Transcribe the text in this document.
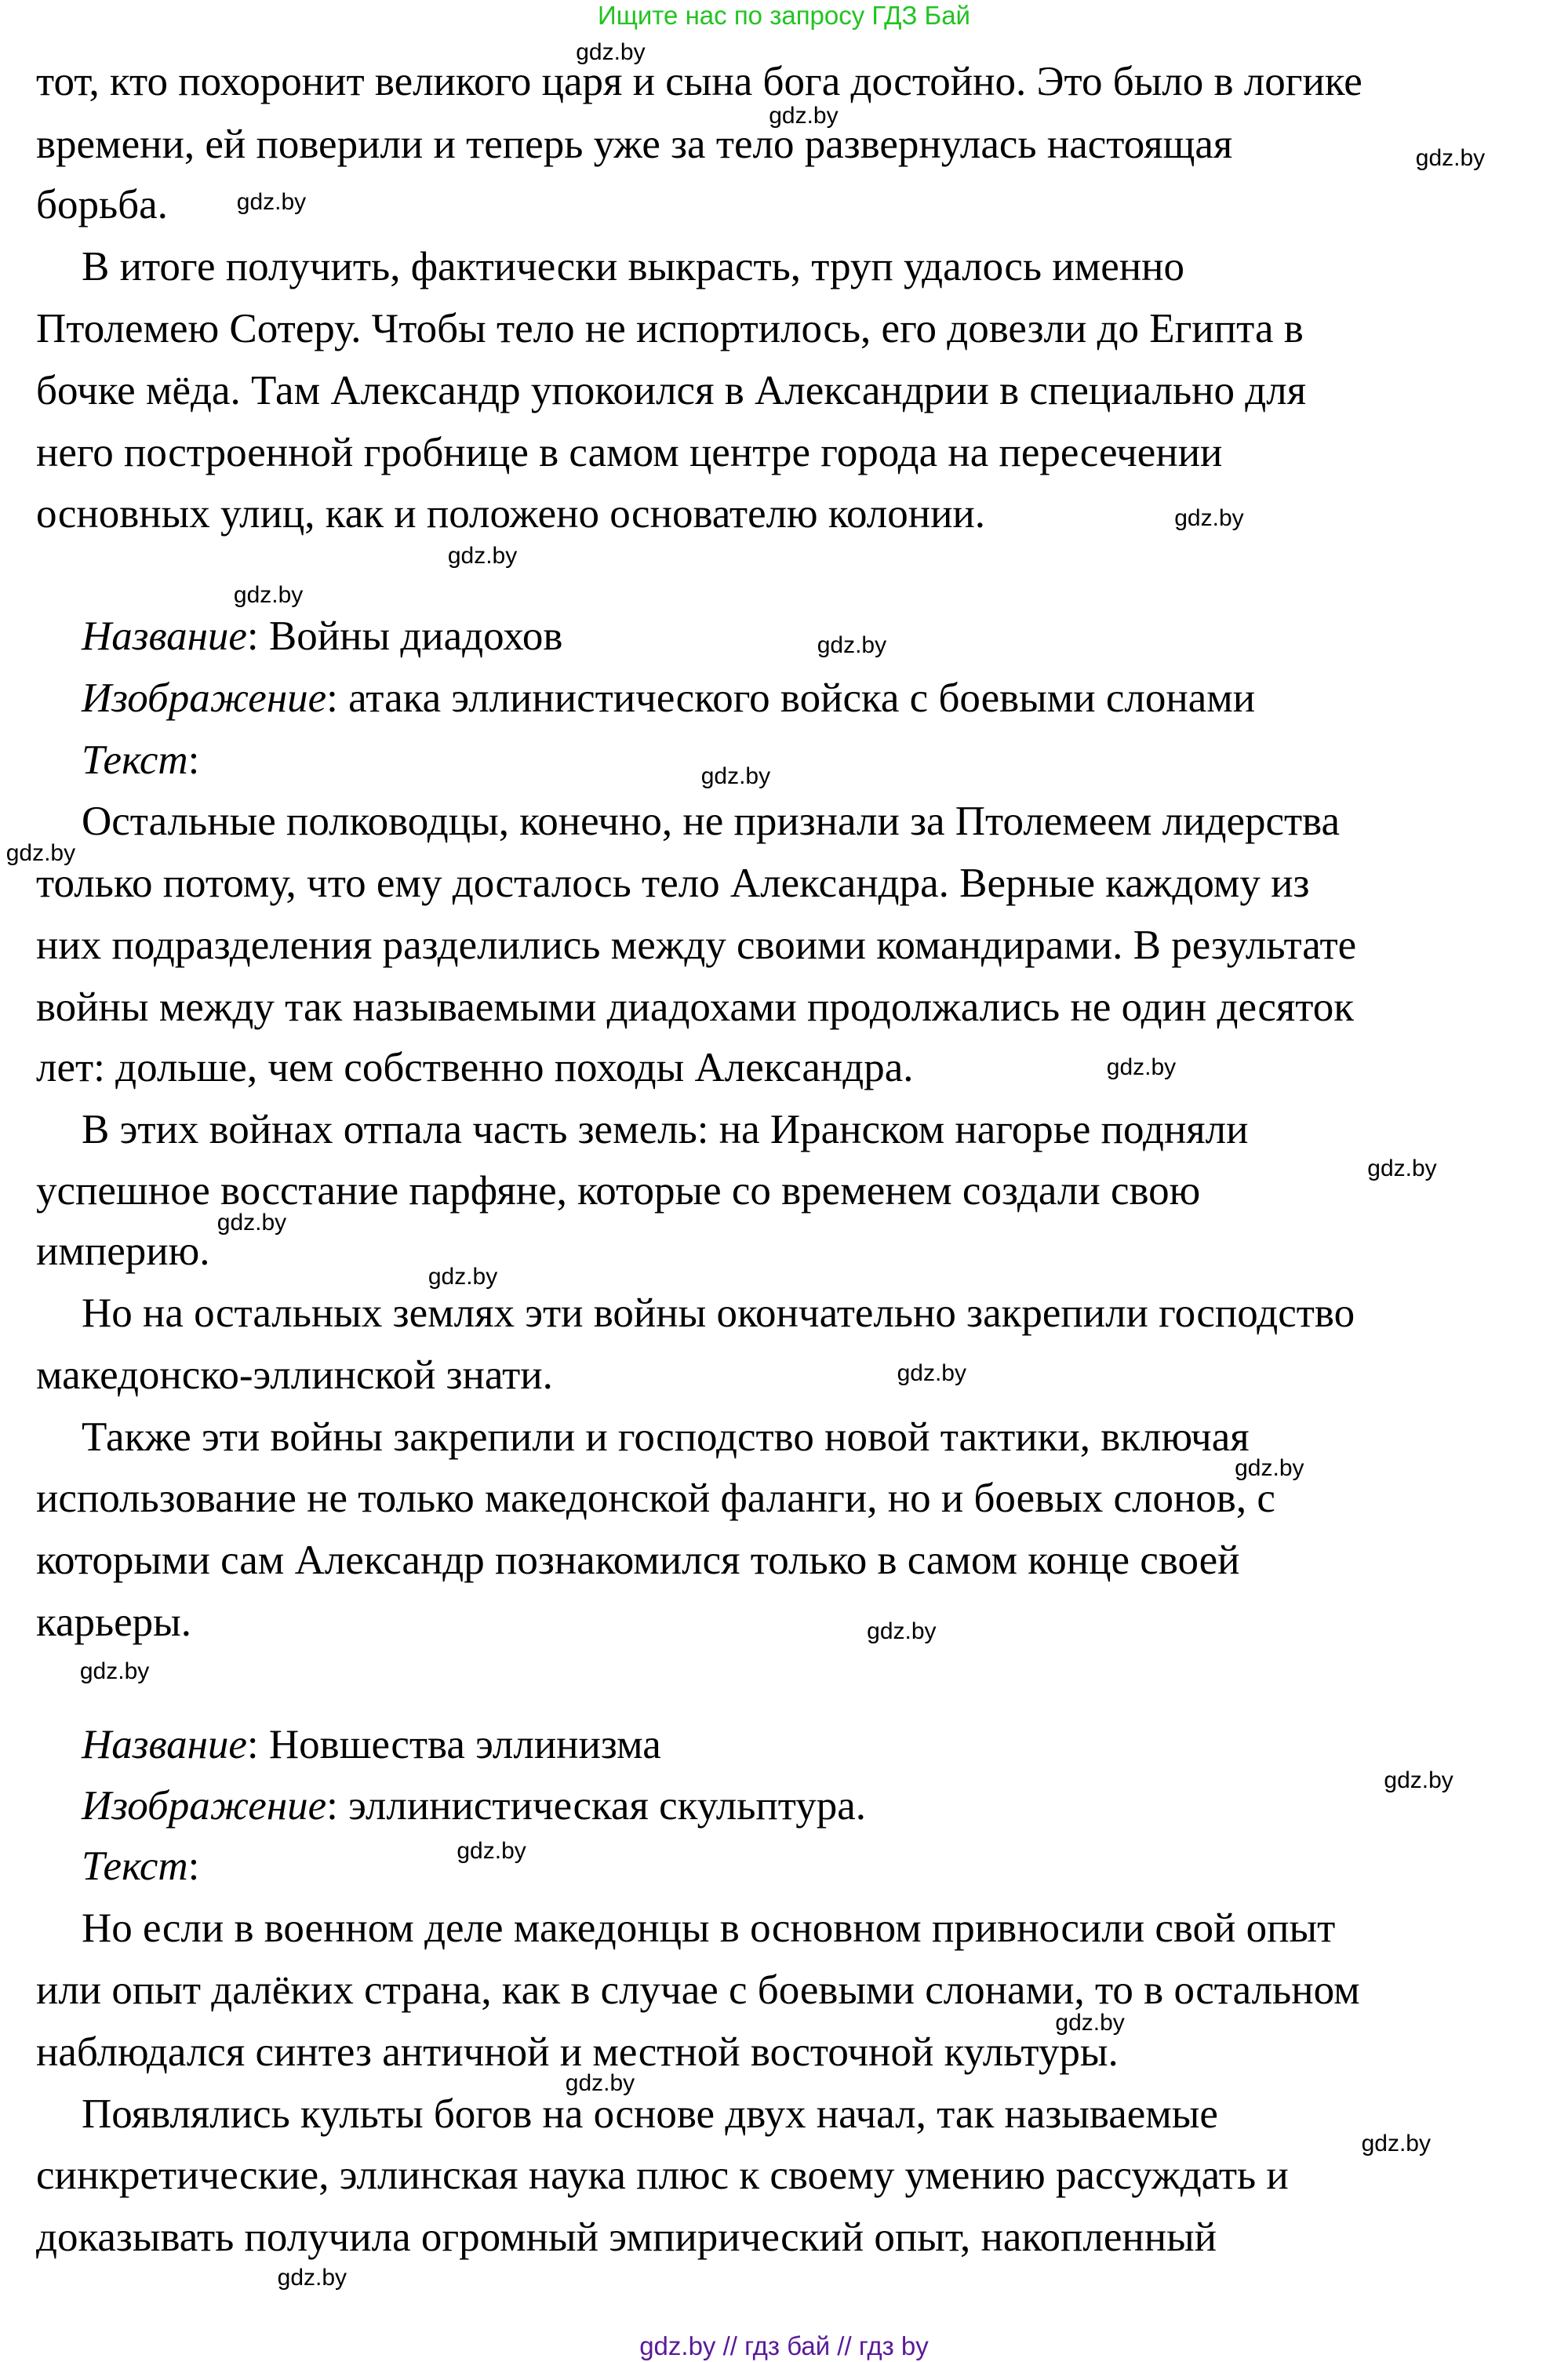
Ищите нас по запросу ГДЗ Бай
тот, кто похоронит великого царя и сына бога достойно. Это было в логике
времени, ей поверили и теперь уже за тело развернулась настоящая
борьба.
В итоге получить, фактически выкрасть, труп удалось именно
Птолемею Сотеру. Чтобы тело не испортилось, его довезли до Египта в
бочке мёда. Там Александр упокоился в Александрии в специально для
него построенной гробнице в самом центре города на пересечении
основных улиц, как и положено основателю колонии.
Название: Войны диадохов
Изображение: атака эллинистического войска с боевыми слонами
Текст:
Остальные полководцы, конечно, не признали за Птолемеем лидерства
только потому, что ему досталось тело Александра. Верные каждому из
них подразделения разделились между своими командирами. В результате
войны между так называемыми диадохами продолжались не один десяток
лет: дольше, чем собственно походы Александра.
В этих войнах отпала часть земель: на Иранском нагорье подняли
успешное восстание парфяне, которые со временем создали свою
империю.
Но на остальных землях эти войны окончательно закрепили господство
македонско-эллинской знати.
Также эти войны закрепили и господство новой тактики, включая
использование не только македонской фаланги, но и боевых слонов, с
которыми сам Александр познакомился только в самом конце своей
карьеры.
Название: Новшества эллинизма
Изображение: эллинистическая скульптура.
Текст:
Но если в военном деле македонцы в основном привносили свой опыт
или опыт далёких страна, как в случае с боевыми слонами, то в остальном
наблюдался синтез античной и местной восточной культуры.
Появлялись культы богов на основе двух начал, так называемые
синкретические, эллинская наука плюс к своему умению рассуждать и
доказывать получила огромный эмпирический опыт, накопленный
gdz.by
gdz.by
gdz.by
gdz.by
gdz.by
gdz.by
gdz.by
gdz.by
gdz.by
gdz.by
gdz.by
gdz.by
gdz.by
gdz.by
gdz.by
gdz.by
gdz.by
gdz.by
gdz.by
gdz.by
gdz.by
gdz.by
gdz.by
gdz.by
gdz.by // гдз бай // гдз by
